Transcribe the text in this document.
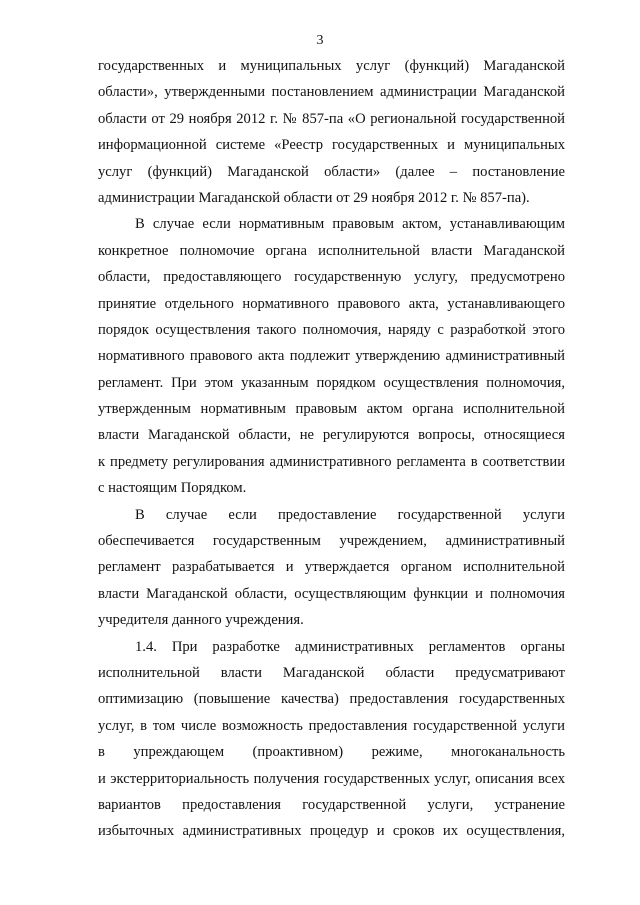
3
государственных и муниципальных услуг (функций) Магаданской
области», утвержденными постановлением администрации Магаданской
области от 29 ноября 2012 г. № 857-па «О региональной государственной
информационной системе «Реестр государственных и муниципальных
услуг (функций) Магаданской области» (далее – постановление
администрации Магаданской области от 29 ноября 2012 г. № 857-па).
В случае если нормативным правовым актом, устанавливающим
конкретное полномочие органа исполнительной власти Магаданской
области, предоставляющего государственную услугу, предусмотрено
принятие отдельного нормативного правового акта, устанавливающего
порядок осуществления такого полномочия, наряду с разработкой этого
нормативного правового акта подлежит утверждению административный
регламент. При этом указанным порядком осуществления полномочия,
утвержденным нормативным правовым актом органа исполнительной
власти Магаданской области, не регулируются вопросы, относящиеся
к предмету регулирования административного регламента в соответствии
с настоящим Порядком.
В случае если предоставление государственной услуги
обеспечивается государственным учреждением, административный
регламент разрабатывается и утверждается органом исполнительной
власти Магаданской области, осуществляющим функции и полномочия
учредителя данного учреждения.
1.4. При разработке административных регламентов органы
исполнительной власти Магаданской области предусматривают
оптимизацию (повышение качества) предоставления государственных
услуг, в том числе возможность предоставления государственной услуги
в упреждающем (проактивном) режиме, многоканальность
и экстерриториальность получения государственных услуг, описания всех
вариантов предоставления государственной услуги, устранение
избыточных административных процедур и сроков их осуществления,
